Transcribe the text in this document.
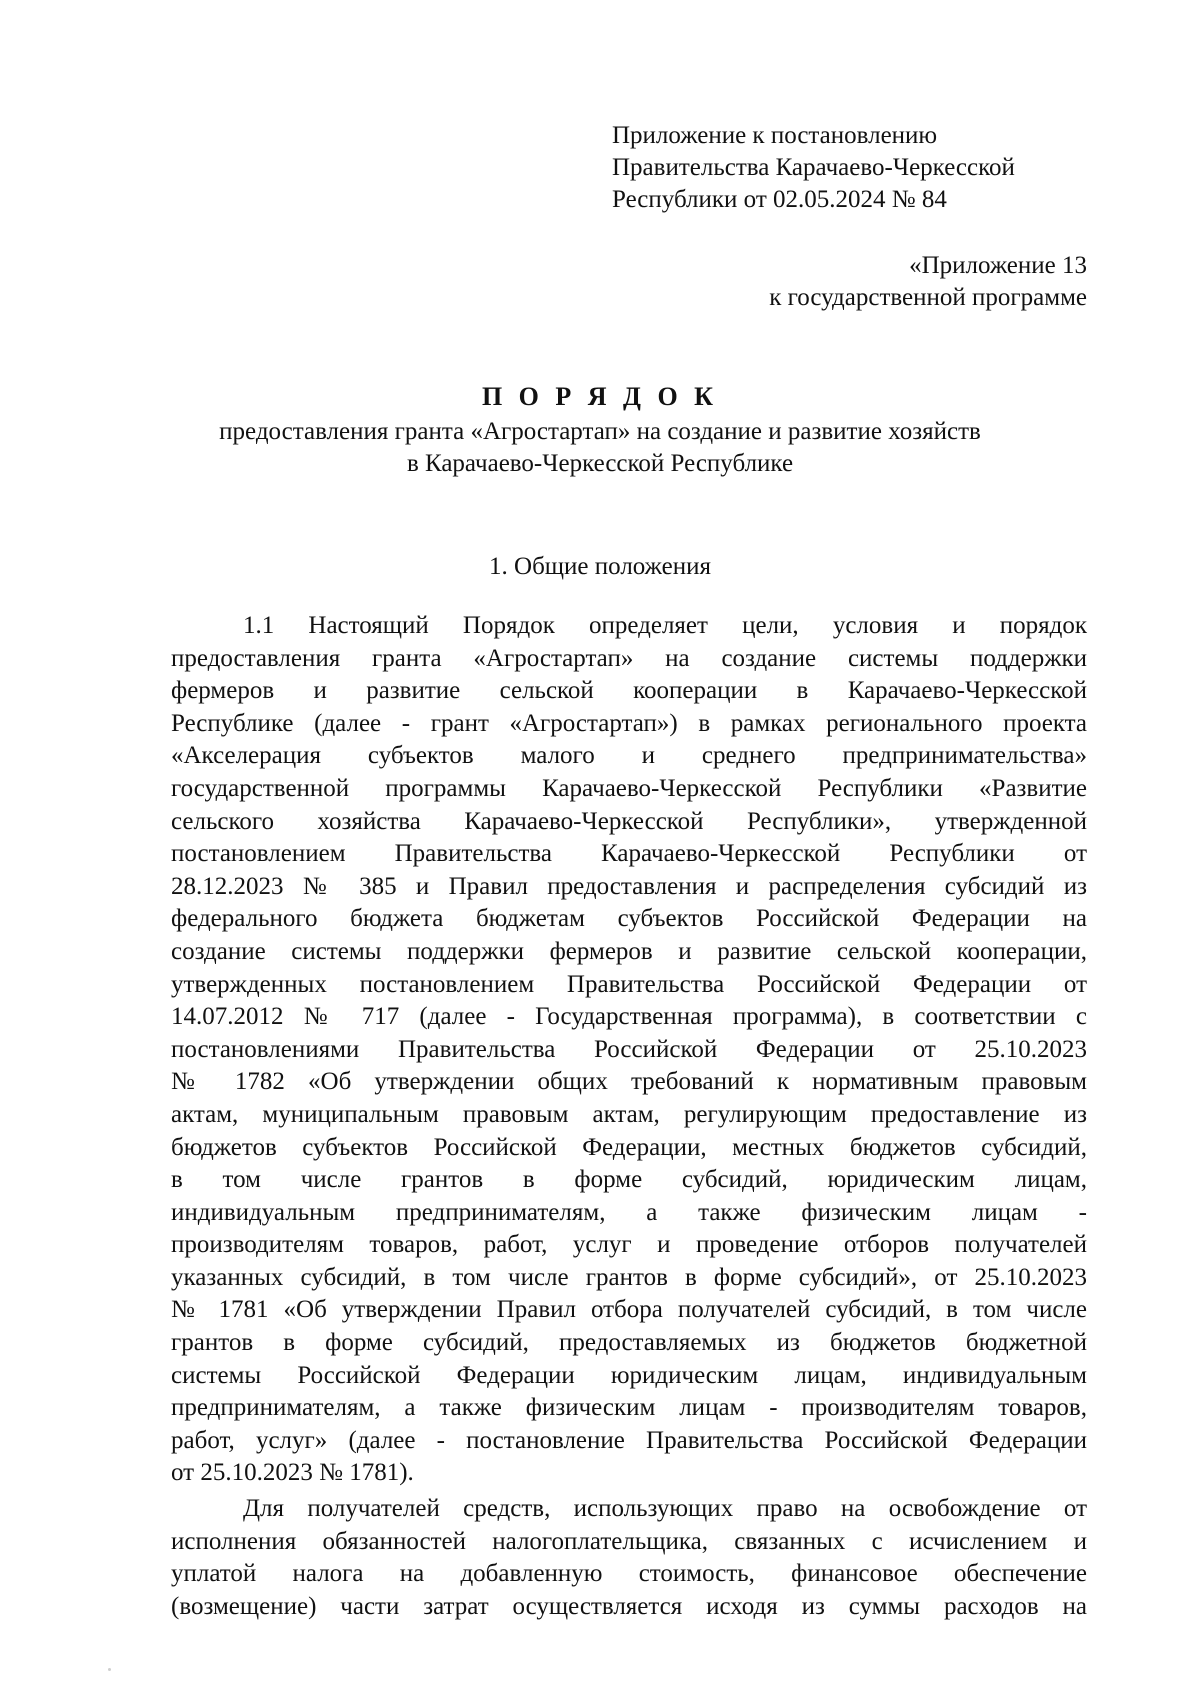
Приложение к постановлению
Правительства Карачаево-Черкесской
Республики от 02.05.2024 № 84
«Приложение 13
к государственной программе
П О Р Я Д О К
предоставления гранта «Агростартап» на создание и развитие хозяйств
в Карачаево-Черкесской Республике
1. Общие положения
1.1 Настоящий Порядок определяет цели, условия и порядок
предоставления гранта «Агростартап» на создание системы поддержки
фермеров и развитие сельской кооперации в Карачаево-Черкесской
Республике (далее - грант «Агростартап») в рамках регионального проекта
«Акселерация субъектов малого и среднего предпринимательства»
государственной программы Карачаево-Черкесской Республики «Развитие
сельского хозяйства Карачаево-Черкесской Республики», утвержденной
постановлением Правительства Карачаево-Черкесской Республики от
28.12.2023 № 385 и Правил предоставления и распределения субсидий из
федерального бюджета бюджетам субъектов Российской Федерации на
создание системы поддержки фермеров и развитие сельской кооперации,
утвержденных постановлением Правительства Российской Федерации от
14.07.2012 № 717 (далее - Государственная программа), в соответствии с
постановлениями Правительства Российской Федерации от 25.10.2023
№ 1782 «Об утверждении общих требований к нормативным правовым
актам, муниципальным правовым актам, регулирующим предоставление из
бюджетов субъектов Российской Федерации, местных бюджетов субсидий,
в том числе грантов в форме субсидий, юридическим лицам,
индивидуальным предпринимателям, а также физическим лицам -
производителям товаров, работ, услуг и проведение отборов получателей
указанных субсидий, в том числе грантов в форме субсидий», от 25.10.2023
№ 1781 «Об утверждении Правил отбора получателей субсидий, в том числе
грантов в форме субсидий, предоставляемых из бюджетов бюджетной
системы Российской Федерации юридическим лицам, индивидуальным
предпринимателям, а также физическим лицам - производителям товаров,
работ, услуг» (далее - постановление Правительства Российской Федерации
от 25.10.2023 № 1781).
Для получателей средств, использующих право на освобождение от
исполнения обязанностей налогоплательщика, связанных с исчислением и
уплатой налога на добавленную стоимость, финансовое обеспечение
(возмещение) части затрат осуществляется исходя из суммы расходов на
